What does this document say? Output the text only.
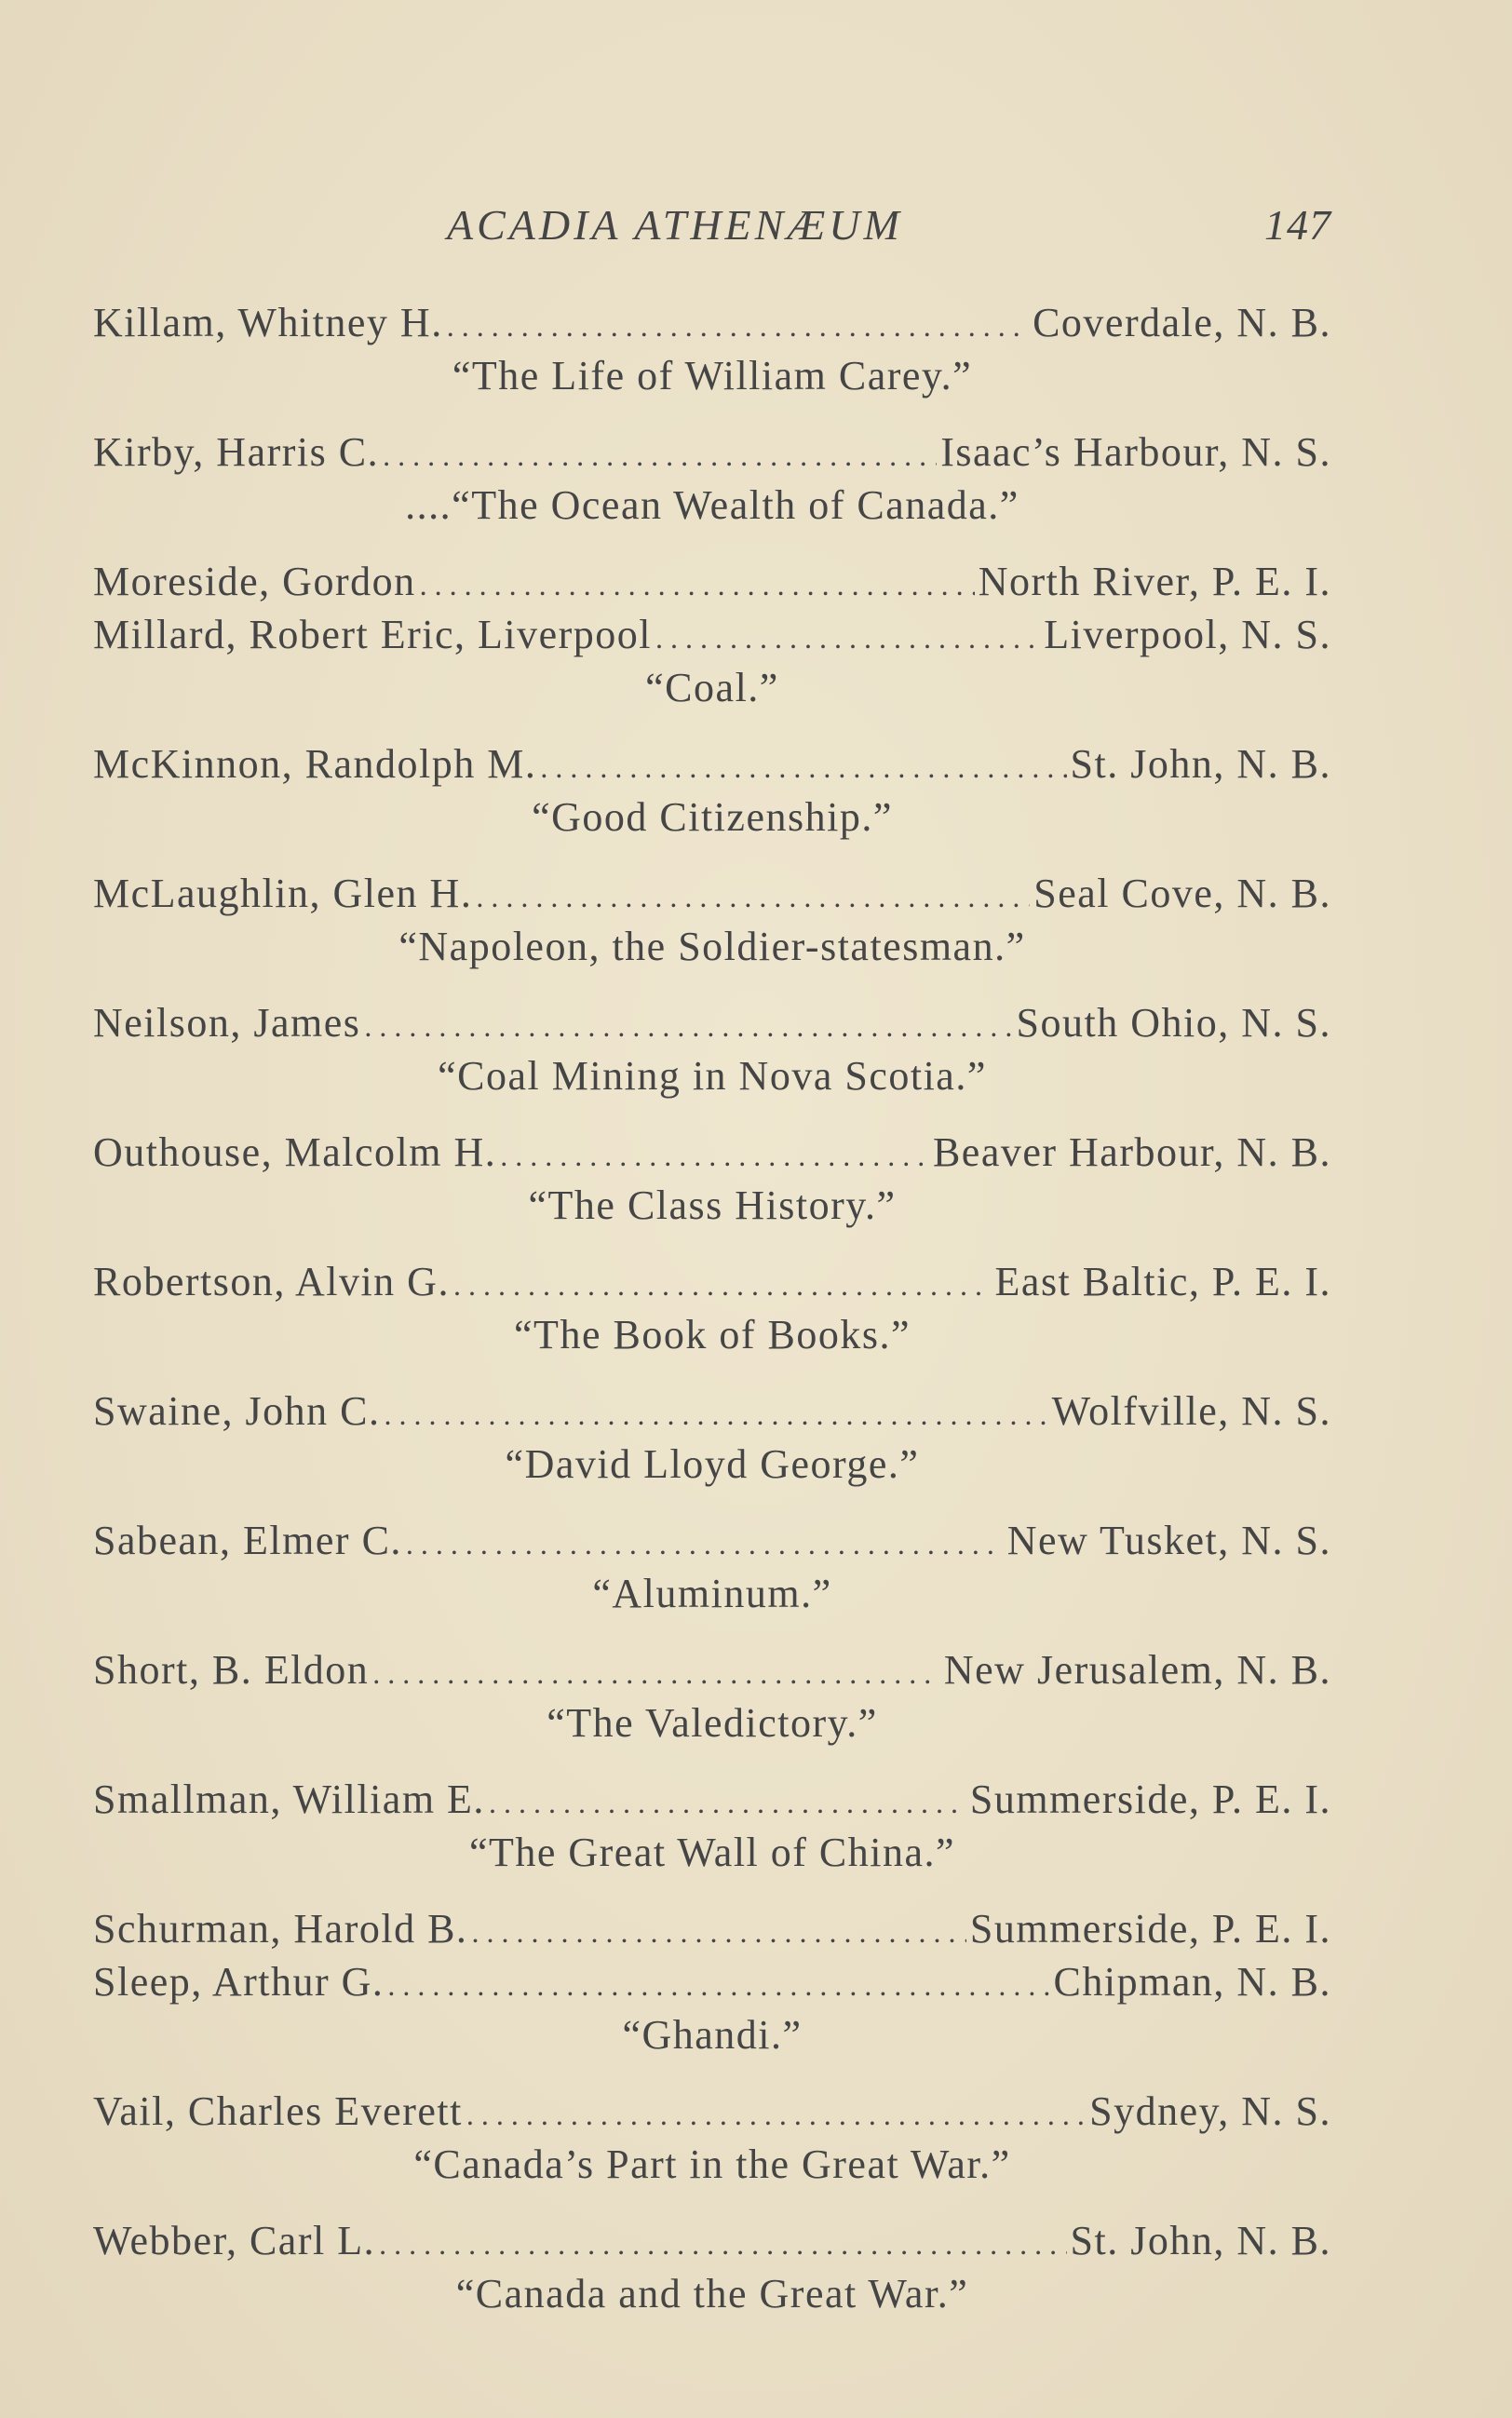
ACADIA ATHENÆUM	147
Killam, Whitney H. . . .	Coverdale, N. B.
“The Life of William Carey.”
Kirby, Harris C. . . .	Isaac’s Harbour, N. S.
....“The Ocean Wealth of Canada.”
Moreside, Gordon . . .	North River, P. E. I.
Millard, Robert Eric, Liverpool . . .	Liverpool, N. S.
“Coal.”
McKinnon, Randolph M. . . .	St. John, N. B.
“Good Citizenship.”
McLaughlin, Glen H. . . .	Seal Cove, N. B.
“Napoleon, the Soldier-statesman.”
Neilson, James . . .	South Ohio, N. S.
“Coal Mining in Nova Scotia.”
Outhouse, Malcolm H. . . .	Beaver Harbour, N. B.
“The Class History.”
Robertson, Alvin G. . . .	East Baltic, P. E. I.
“The Book of Books.”
Swaine, John C. . . .	Wolfville, N. S.
“David Lloyd George.”
Sabean, Elmer C. . . .	New Tusket, N. S.
“Aluminum.”
Short, B. Eldon . . .	New Jerusalem, N. B.
“The Valedictory.”
Smallman, William E. . . .	Summerside, P. E. I.
“The Great Wall of China.”
Schurman, Harold B. . . .	Summerside, P. E. I.
Sleep, Arthur G. . . .	Chipman, N. B.
“Ghandi.”
Vail, Charles Everett . . .	Sydney, N. S.
“Canada’s Part in the Great War.”
Webber, Carl L. . . .	St. John, N. B.
“Canada and the Great War.”
